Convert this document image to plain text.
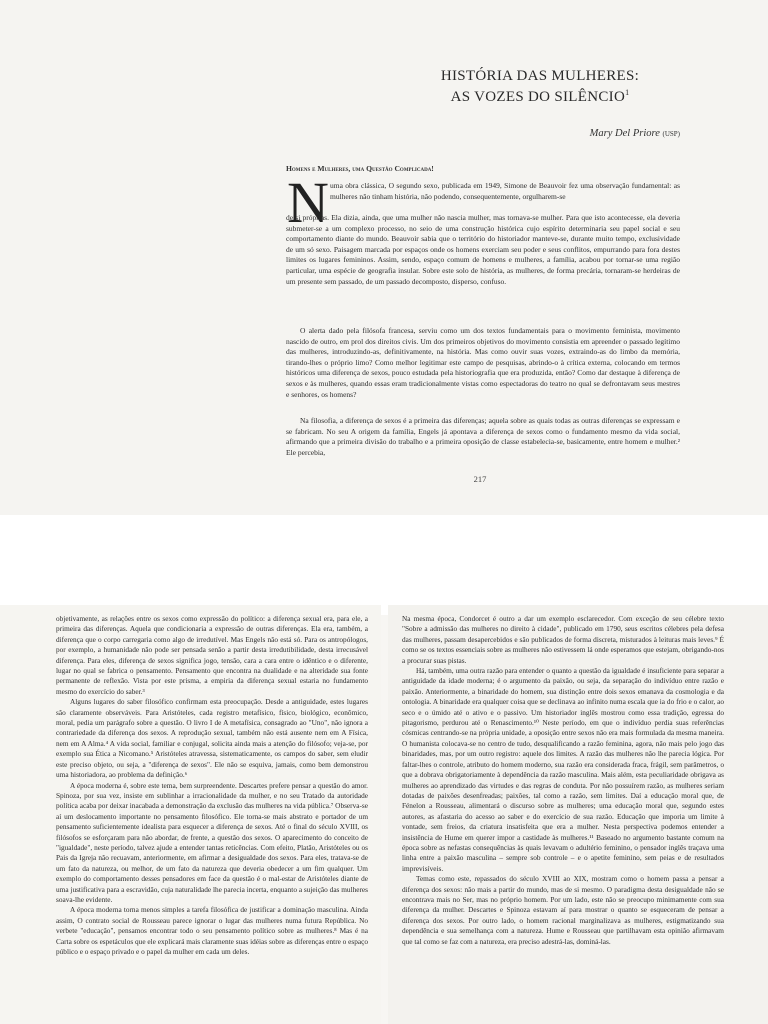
HISTÓRIA DAS MULHERES:
AS VOZES DO SILÊNCIO$^1$
Mary Del Priore (USP)
Homens e Mulheres, uma Questão Complicada!
N uma obra clássica, O segundo sexo, publicada em 1949, Simone de Beauvoir fez uma observação fundamental: as mulheres não tinham história, não podendo, consequentemente, orgulharem-se

de si próprias. Ela dizia, ainda, que uma mulher não nascia mulher, mas tornava-se mulher. Para que isto acontecesse, ela deveria submeter-se a um complexo processo, no seio de uma construção histórica cujo espírito determinaria seu papel social e seu comportamento diante do mundo. Beauvoir sabia que o território do historiador manteve-se, durante muito tempo, exclusividade de um só sexo. Paisagem marcada por espaços onde os homens exerciam seu poder e seus conflitos, empurrando para fora destes limites os lugares femininos. Assim, sendo, espaço comum de homens e mulheres, a família, acabou por tornar-se uma região particular, uma espécie de geografia insular. Sobre este solo de história, as mulheres, de forma precária, tornaram-se herdeiras de um presente sem passado, de um passado decomposto, disperso, confuso.

O alerta dado pela filósofa francesa, serviu como um dos textos fundamentais para o movimento feminista, movimento nascido de outro, em prol dos direitos civis. Um dos primeiros objetivos do movimento consistia em apreender o passado legítimo das mulheres, introduzindo-as, definitivamente, na história. Mas como ouvir suas vozes, extraindo-as do limbo da memória, tirando-lhes o próprio limo? Como melhor legitimar este campo de pesquisas, abrindo-o à crítica externa, colocando em termos históricos uma diferença de sexos, pouco estudada pela historiografia que era produzida, então? Como dar destaque à diferença de sexos e às mulheres, quando essas eram tradicionalmente vistas como espectadoras do teatro no qual se defrontavam seus mestres e senhores, os homens?

Na filosofia, a diferença de sexos é a primeira das diferenças; aquela sobre as quais todas as outras diferenças se expressam e se fabricam. No seu A origem da família, Engels já apontava a diferença de sexos como o fundamento mesmo da vida social, afirmando que a primeira divisão do trabalho e a primeira oposição de classe estabelecia-se, basicamente, entre homem e mulher.² Ele percebia,

217

objetivamente, as relações entre os sexos como expressão do político: a diferença sexual era, para ele, a primeira das diferenças. Aquela que condicionaria a expressão de outras diferenças. Ela era, também, a diferença que o corpo carregaria como algo de irredutível. Mas Engels não está só. Para os antropólogos, por exemplo, a humanidade não pode ser pensada senão a partir desta irredutibilidade, desta irrecusável diferença. Para eles, diferença de sexos significa jogo, tensão, cara a cara entre o idêntico e o diferente, lugar no qual se fabrica o pensamento. Pensamento que encontra na dualidade e na alteridade sua fonte permanente de reflexão. Vista por este prisma, a empiria da diferença sexual estaria no fundamento mesmo do exercício do saber.³

Alguns lugares do saber filosófico confirmam esta preocupação. Desde a antiguidade, estes lugares são claramente observáveis. Para Aristóteles, cada registro metafísico, físico, biológico, econômico, moral, pedia um parágrafo sobre a questão. O livro I de A metafísica, consagrado ao "Uno", não ignora a contrariedade da diferença dos sexos. A reprodução sexual, também não está ausente nem em A Física, nem em A Alma.⁴ A vida social, familiar e conjugal, solicita ainda mais a atenção do filósofo; veja-se, por exemplo sua Ética a Nicomano.⁵ Aristóteles atravessa, sistematicamente, os campos do saber, sem eludir este preciso objeto, ou seja, a "diferença de sexos". Ele não se esquiva, jamais, como bem demonstrou uma historiadora, ao problema da definição.⁶

A época moderna é, sobre este tema, bem surpreendente. Descartes prefere pensar a questão do amor. Spinoza, por sua vez, insiste em sublinhar a irracionalidade da mulher, e no seu Tratado da autoridade política acaba por deixar inacabada a demonstração da exclusão das mulheres na vida pública.⁷ Observa-se aí um deslocamento importante no pensamento filosófico. Ele torna-se mais abstrato e portador de um pensamento suficientemente idealista para esquecer a diferença de sexos. Até o final do século XVIII, os filósofos se esforçaram para não abordar, de frente, a questão dos sexos. O aparecimento do conceito de "igualdade", neste período, talvez ajude a entender tantas reticências. Com efeito, Platão, Aristóteles ou os Pais da Igreja não recuavam, anteriormente, em afirmar a desigualdade dos sexos. Para eles, tratava-se de um fato da natureza, ou melhor, de um fato da natureza que deveria obedecer a um fim qualquer. Um exemplo do comportamento desses pensadores em face da questão é o mal-estar de Aristóteles diante de uma justificativa para a escravidão, cuja naturalidade lhe parecia incerta, enquanto a sujeição das mulheres soava-lhe evidente.

A época moderna torna menos simples a tarefa filosófica de justificar a dominação masculina. Ainda assim, O contrato social de Rousseau parece ignorar o lugar das mulheres numa futura República. No verbete "educação", pensamos encontrar todo o seu pensamento político sobre as mulheres.⁸ Mas é na Carta sobre os espetáculos que ele explicará mais claramente suas idéias sobre as diferenças entre o espaço público e o espaço privado e o papel da mulher em cada um deles.

Na mesma época, Condorcet é outro a dar um exemplo esclarecedor. Com exceção de seu célebre texto "Sobre a admissão das mulheres no direito à cidade", publicado em 1790, seus escritos célebres pela defesa das mulheres, passam desapercebidos e são publicados de forma discreta, misturados à leituras mais leves.⁹ É como se os textos essenciais sobre as mulheres não estivessem lá onde esperamos que estejam, obrigando-nos a procurar suas pistas.

Há, também, uma outra razão para entender o quanto a questão da igualdade é insuficiente para separar a antiguidade da idade moderna; é o argumento da paixão, ou seja, da separação do indivíduo entre razão e paixão. Anteriormente, a binaridade do homem, sua distinção entre dois sexos emanava da cosmologia e da ontologia. A binaridade era qualquer coisa que se declinava ao infinito numa escala que ia do frio e o calor, ao seco e o úmido até o ativo e o passivo. Um historiador inglês mostrou como essa tradição, egressa do pitagorismo, perdurou até o Renascimento.¹⁰ Neste período, em que o indivíduo perdia suas referências cósmicas centrando-se na própria unidade, a oposição entre sexos não era mais formulada da mesma maneira. O humanista colocava-se no centro de tudo, desqualificando a razão feminina, agora, não mais pelo jogo das binaridades, mas, por um outro registro: aquele dos limites. A razão das mulheres não lhe parecia lógica. Por faltar-lhes o controle, atributo do homem moderno, sua razão era considerada fraca, frágil, sem parâmetros, o que a dobrava obrigatoriamente à dependência da razão masculina. Mais além, esta peculiaridade obrigava as mulheres ao aprendizado das virtudes e das regras de conduta. Por não possuírem razão, as mulheres seriam dotadas de paixões desenfreadas; paixões, tal como a razão, sem limites. Daí a educação moral que, de Fénelon a Rousseau, alimentará o discurso sobre as mulheres; uma educação moral que, segundo estes autores, as afastaria do acesso ao saber e do exercício de sua razão. Educação que imporia um limite à vontade, sem freios, da criatura insatisfeita que era a mulher. Nesta perspectiva podemos entender a insistência de Hume em querer impor a castidade às mulheres.¹¹ Baseado no argumento bastante comum na época sobre as nefastas consequências às quais levavam o adultério feminino, o pensador inglês traçava uma linha entre a paixão masculina – sempre sob controle – e o apetite feminino, sem peias e de resultados imprevisíveis.

Temas como este, repassados do século XVIII ao XIX, mostram como o homem passa a pensar a diferença dos sexos: não mais a partir do mundo, mas de si mesmo. O paradigma desta desigualdade não se encontrava mais no Ser, mas no próprio homem. Por um lado, este não se preocupo minimamente com sua diferença da mulher. Descartes e Spinoza estavam aí para mostrar o quanto se esqueceram de pensar a diferença dos sexos. Por outro lado, o homem racional marginalizava as mulheres, estigmatizando sua dependência e sua semelhança com a natureza. Hume e Rousseau que partilhavam esta opinião afirmavam que tal como se faz com a natureza, era preciso adestrá-las, dominá-las.
